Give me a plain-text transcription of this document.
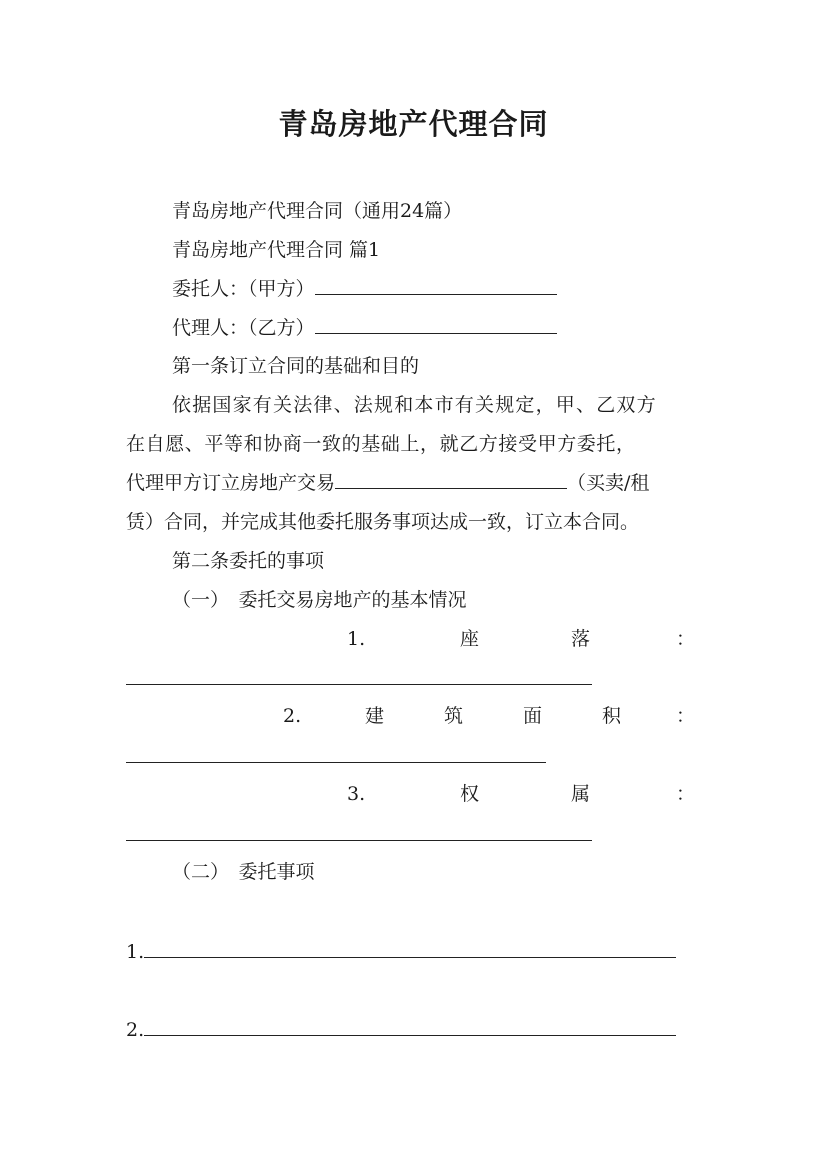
青岛房地产代理合同
青岛房地产代理合同（通用24篇）
青岛房地产代理合同 篇1
委托人：（甲方）
代理人：（乙方）
第一条订立合同的基础和目的
依据国家有关法律、法规和本市有关规定，甲、乙双方
在自愿、平等和协商一致的基础上，就乙方接受甲方委托，
代理甲方订立房地产交易	（买卖/租
赁）合同，并完成其他委托服务事项达成一致，订立本合同。
第二条委托的事项
（一）　委托交易房地产的基本情况
1.	座	落	：
2.	建	筑	面	积	：
3.	权	属	：
（二）　委托事项
1.
2.
